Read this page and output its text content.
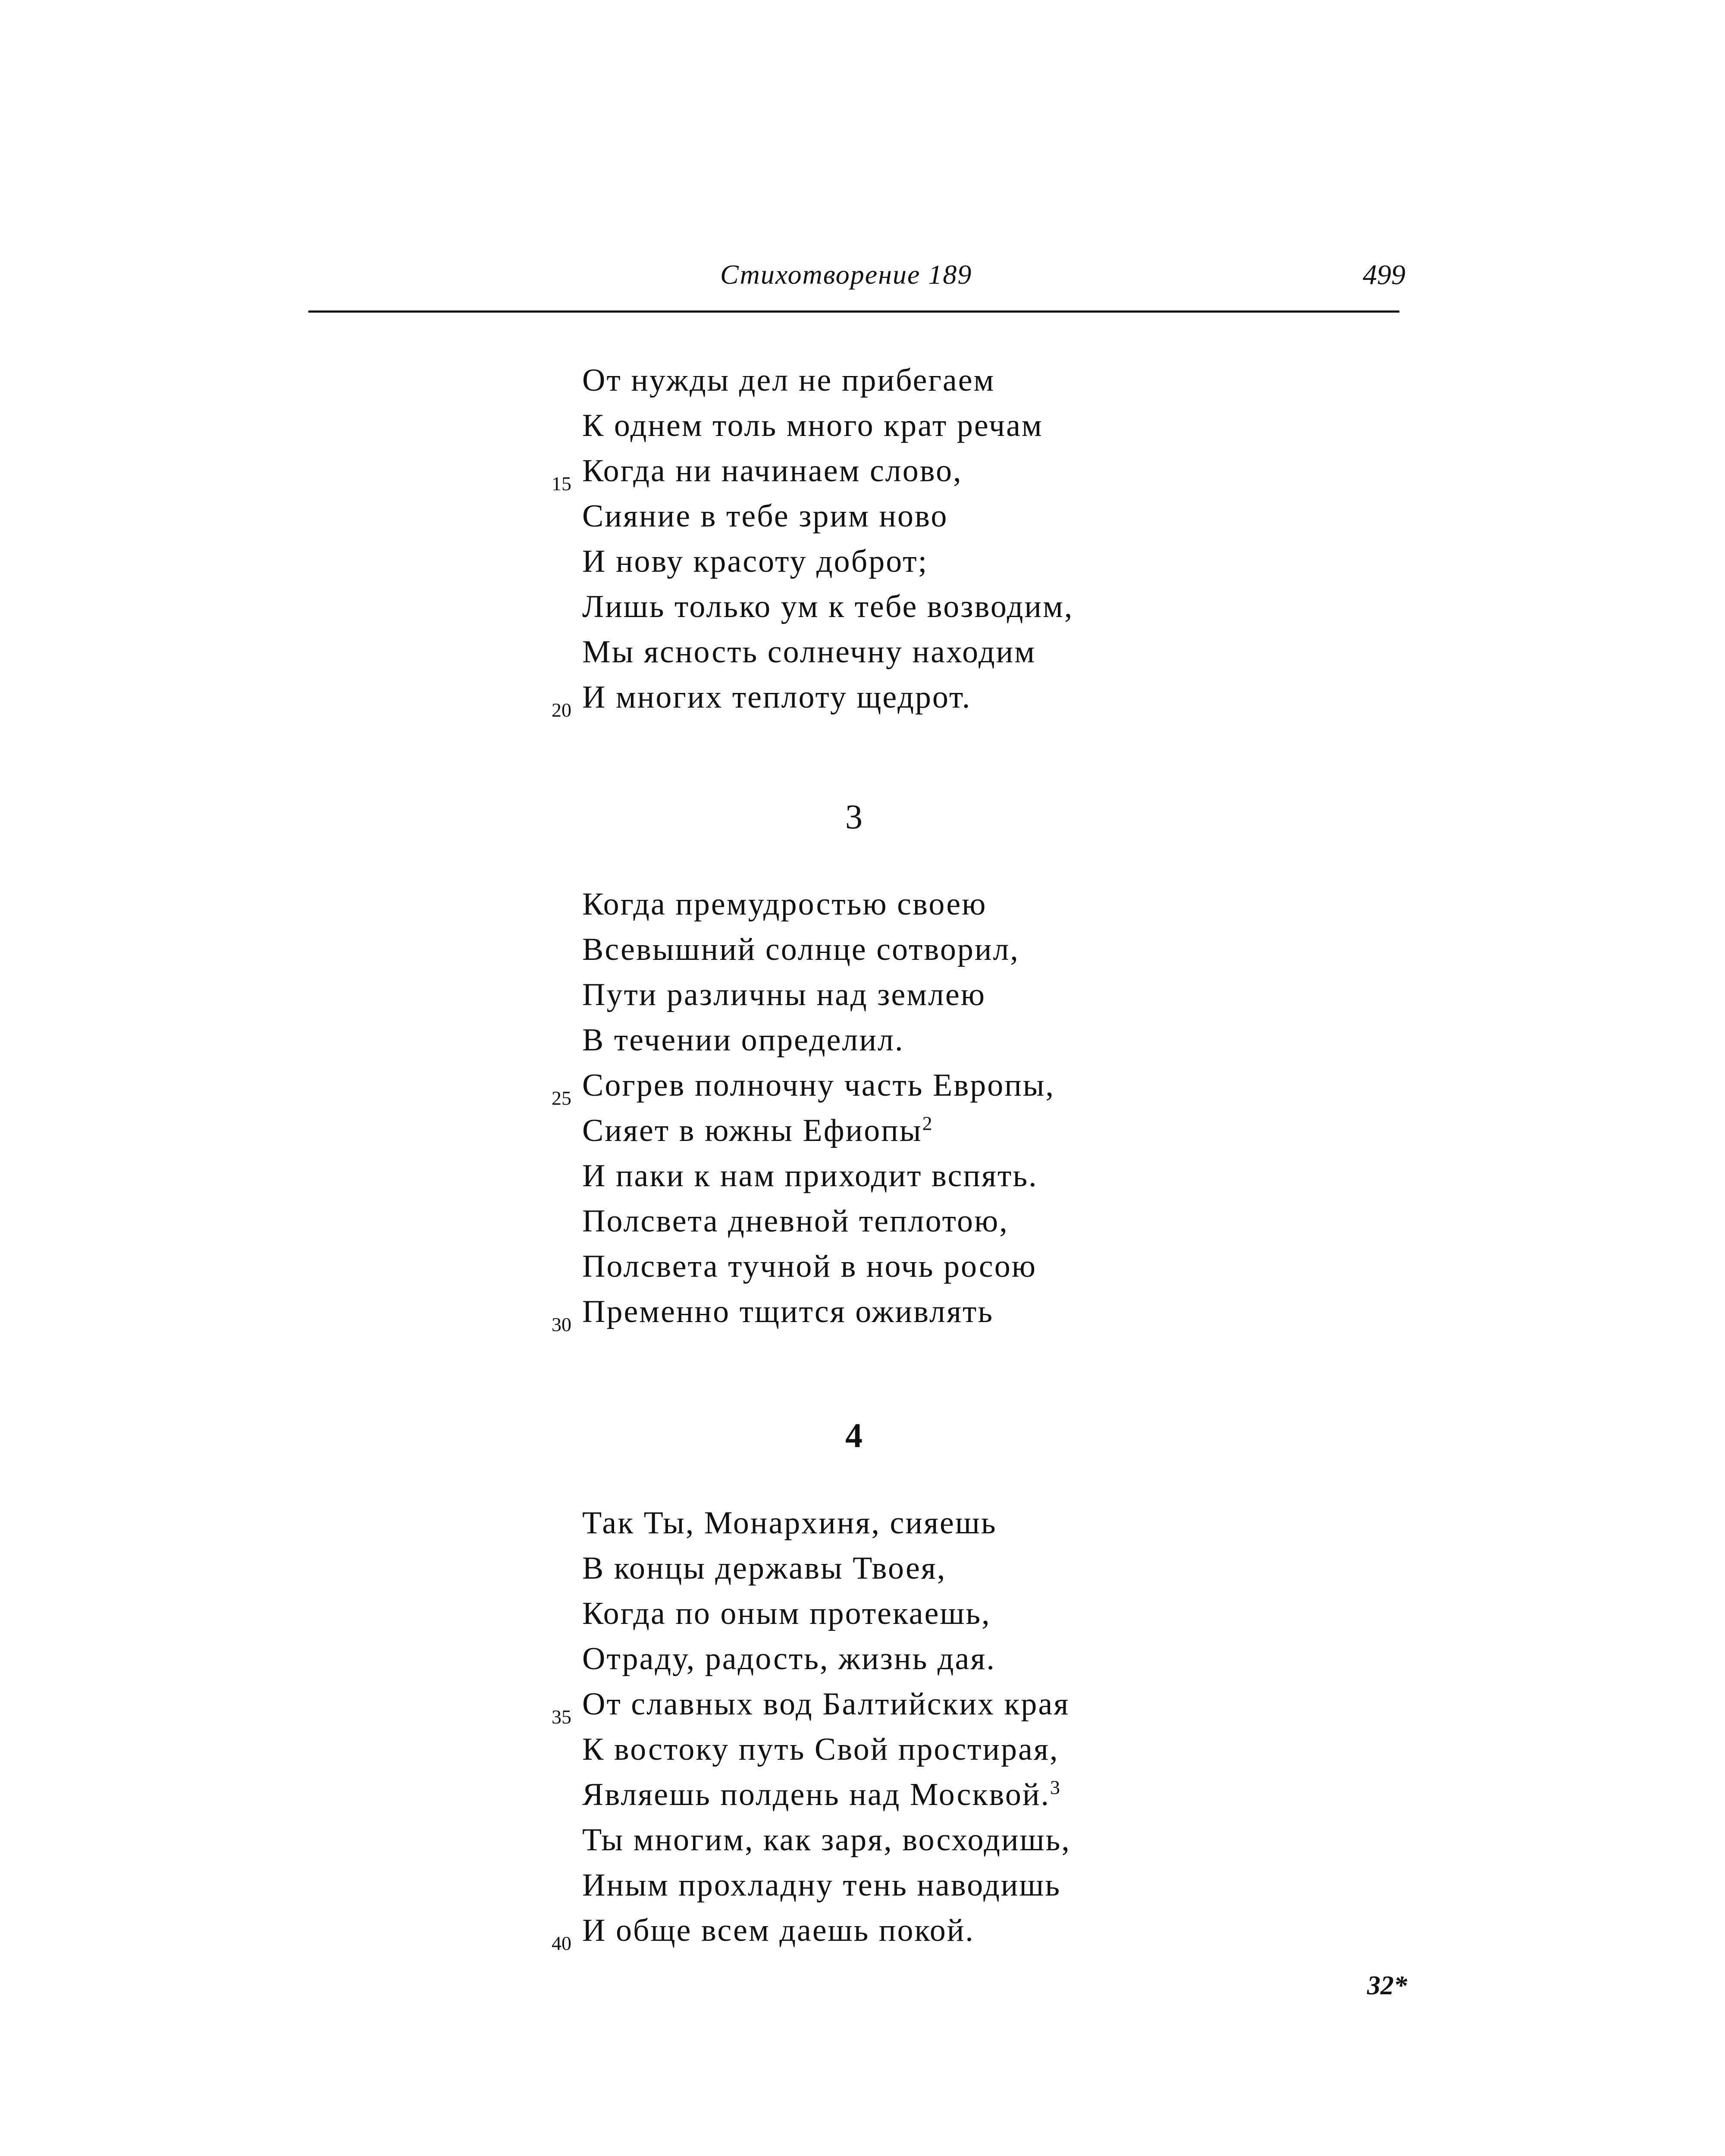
Стихотворение 189	499
От нужды дел не прибегаем
К однем толь много крат речам
15 Когда ни начинаем слово,
Сияние в тебе зрим ново
И нову красоту доброт;
Лишь только ум к тебе возводим,
Мы ясность солнечну находим
20 И многих теплоту щедрот.
3
Когда премудростью своею
Всевышний солнце сотворил,
Пути различны над землею
В течении определил.
25 Согрев полночну часть Европы,
Сияет в южны Ефиопы$^2$
И паки к нам приходит вспять.
Полсвета дневной теплотою,
Полсвета тучной в ночь росою
30 Пременно тщится оживлять
4
Так Ты, Монархиня, сияешь
В концы державы Твоея,
Когда по оным протекаешь,
Отраду, радость, жизнь дая.
35 От славных вод Балтийских края
К востоку путь Свой простирая,
Являешь полдень над Москвой.$^3$
Ты многим, как заря, восходишь,
Иным прохладну тень наводишь
40 И обще всем даешь покой.
32*
